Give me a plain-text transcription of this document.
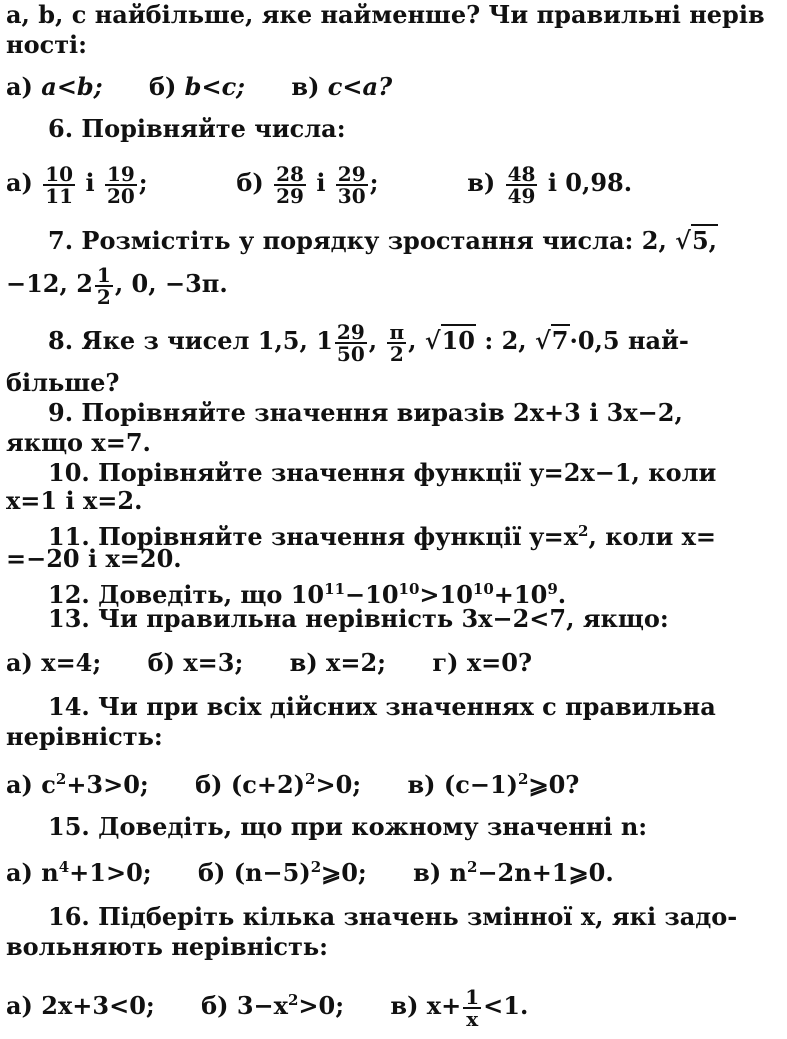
a, b, c найбільше, яке найменше? Чи правильні нерів
ності:
а) a<b; б) b<c; в) c<a?
6. Порівняйте числа:
$а) \frac{10}{11}$ і $\frac{19}{20}$ ;	$б) \frac{28}{29}$ і $\frac{29}{30}$ ;	$в) \frac{48}{49}$ і 0,98.
7. Розмістіть у порядку зростання числа: 2, √5,
−12, $2 \frac{1}{2}$ , 0, −3π.
8. Яке з чисел 1,5, $1 \frac{29}{50}$ , $\frac{\pi}{2}$ , √10 : 2, √7·0,5 най-
більше?
9. Порівняйте значення виразів 2x+3 і 3x−2,
якщо x=7.
10. Порівняйте значення функції y=2x−1, коли
x=1 і x=2.
11. Порівняйте значення функції $y=x^2$, коли x=
=−20 і x=20.
12. Доведіть, що $10^{11}-10^{10}>10^{10}+10^9$.
13. Чи правильна нерівність 3x−2<7, якщо:
а) x=4; б) x=3; в) x=2; г) x=0?
14. Чи при всіх дійсних значеннях c правильна
нерівність:
а) $c^2+3>0$; б) $(c+2)^2>0$; в) $(c-1)^2⩾0$?
15. Доведіть, що при кожному значенні n:
а) $n^4+1>0$; б) $(n-5)^2⩾0$; в) $n^2-2n+1⩾0$.
16. Підберіть кілька значень змінної x, які задо-
вольняють нерівність:
а) 2x+3<0; б) $3-x^2>0$; в) $x+ \frac{1}{x} <1$.
